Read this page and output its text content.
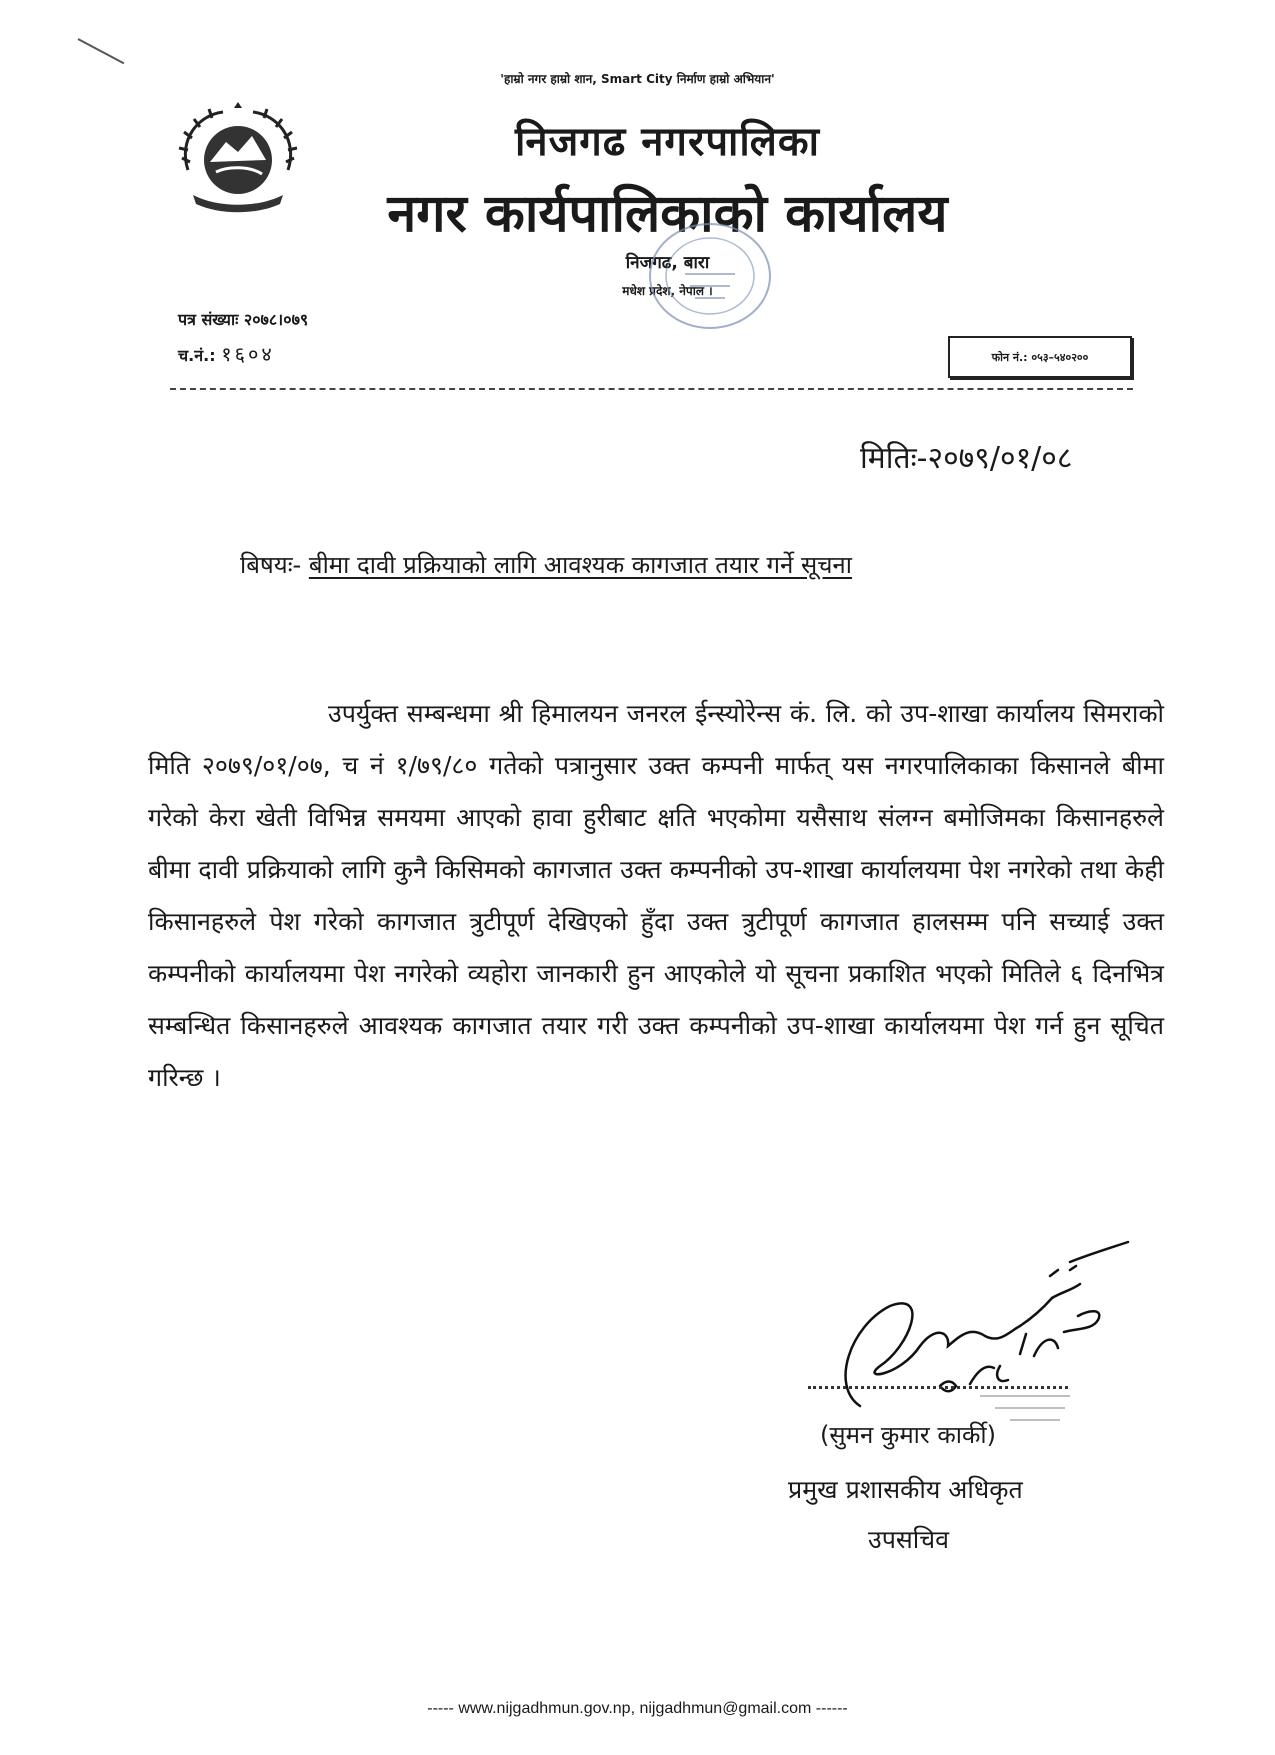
'हाम्रो नगर हाम्रो शान, Smart City निर्माण हाम्रो अभियान'
निजगढ नगरपालिका
नगर कार्यपालिकाको कार्यालय
निजगढ, बारा
मधेश प्रदेश, नेपाल ।
पत्र संख्याः २०७८।०७९
च.नं.: १६०४	फोन नं.: ०५३–५४०२००
मितिः-२०७९/०१/०८
बिषयः- बीमा दावी प्रक्रियाको लागि आवश्यक कागजात तयार गर्ने सूचना
उपर्युक्त सम्बन्धमा श्री हिमालयन जनरल ईन्स्योरेन्स कं. लि. को उप-शाखा कार्यालय सिमराको मिति २०७९/०१/०७, च नं १/७९/८० गतेको पत्रानुसार उक्त कम्पनी मार्फत् यस नगरपालिकाका किसानले बीमा गरेको केरा खेती विभिन्न समयमा आएको हावा हुरीबाट क्षति भएकोमा यसैसाथ संलग्न बमोजिमका किसानहरुले बीमा दावी प्रक्रियाको लागि कुनै किसिमको कागजात उक्त कम्पनीको उप-शाखा कार्यालयमा पेश नगरेको तथा केही किसानहरुले पेश गरेको कागजात त्रुटीपूर्ण देखिएको हुँदा उक्त त्रुटीपूर्ण कागजात हालसम्म पनि सच्याई उक्त कम्पनीको कार्यालयमा पेश नगरेको व्यहोरा जानकारी हुन आएकोले यो सूचना प्रकाशित भएको मितिले ६ दिनभित्र सम्बन्धित किसानहरुले आवश्यक कागजात तयार गरी उक्त कम्पनीको उप-शाखा कार्यालयमा पेश गर्न हुन सूचित गरिन्छ ।
(सुमन कुमार कार्की)
प्रमुख प्रशासकीय अधिकृत
उपसचिव
----- www.nijgadhmun.gov.np, nijgadhmun@gmail.com ------
